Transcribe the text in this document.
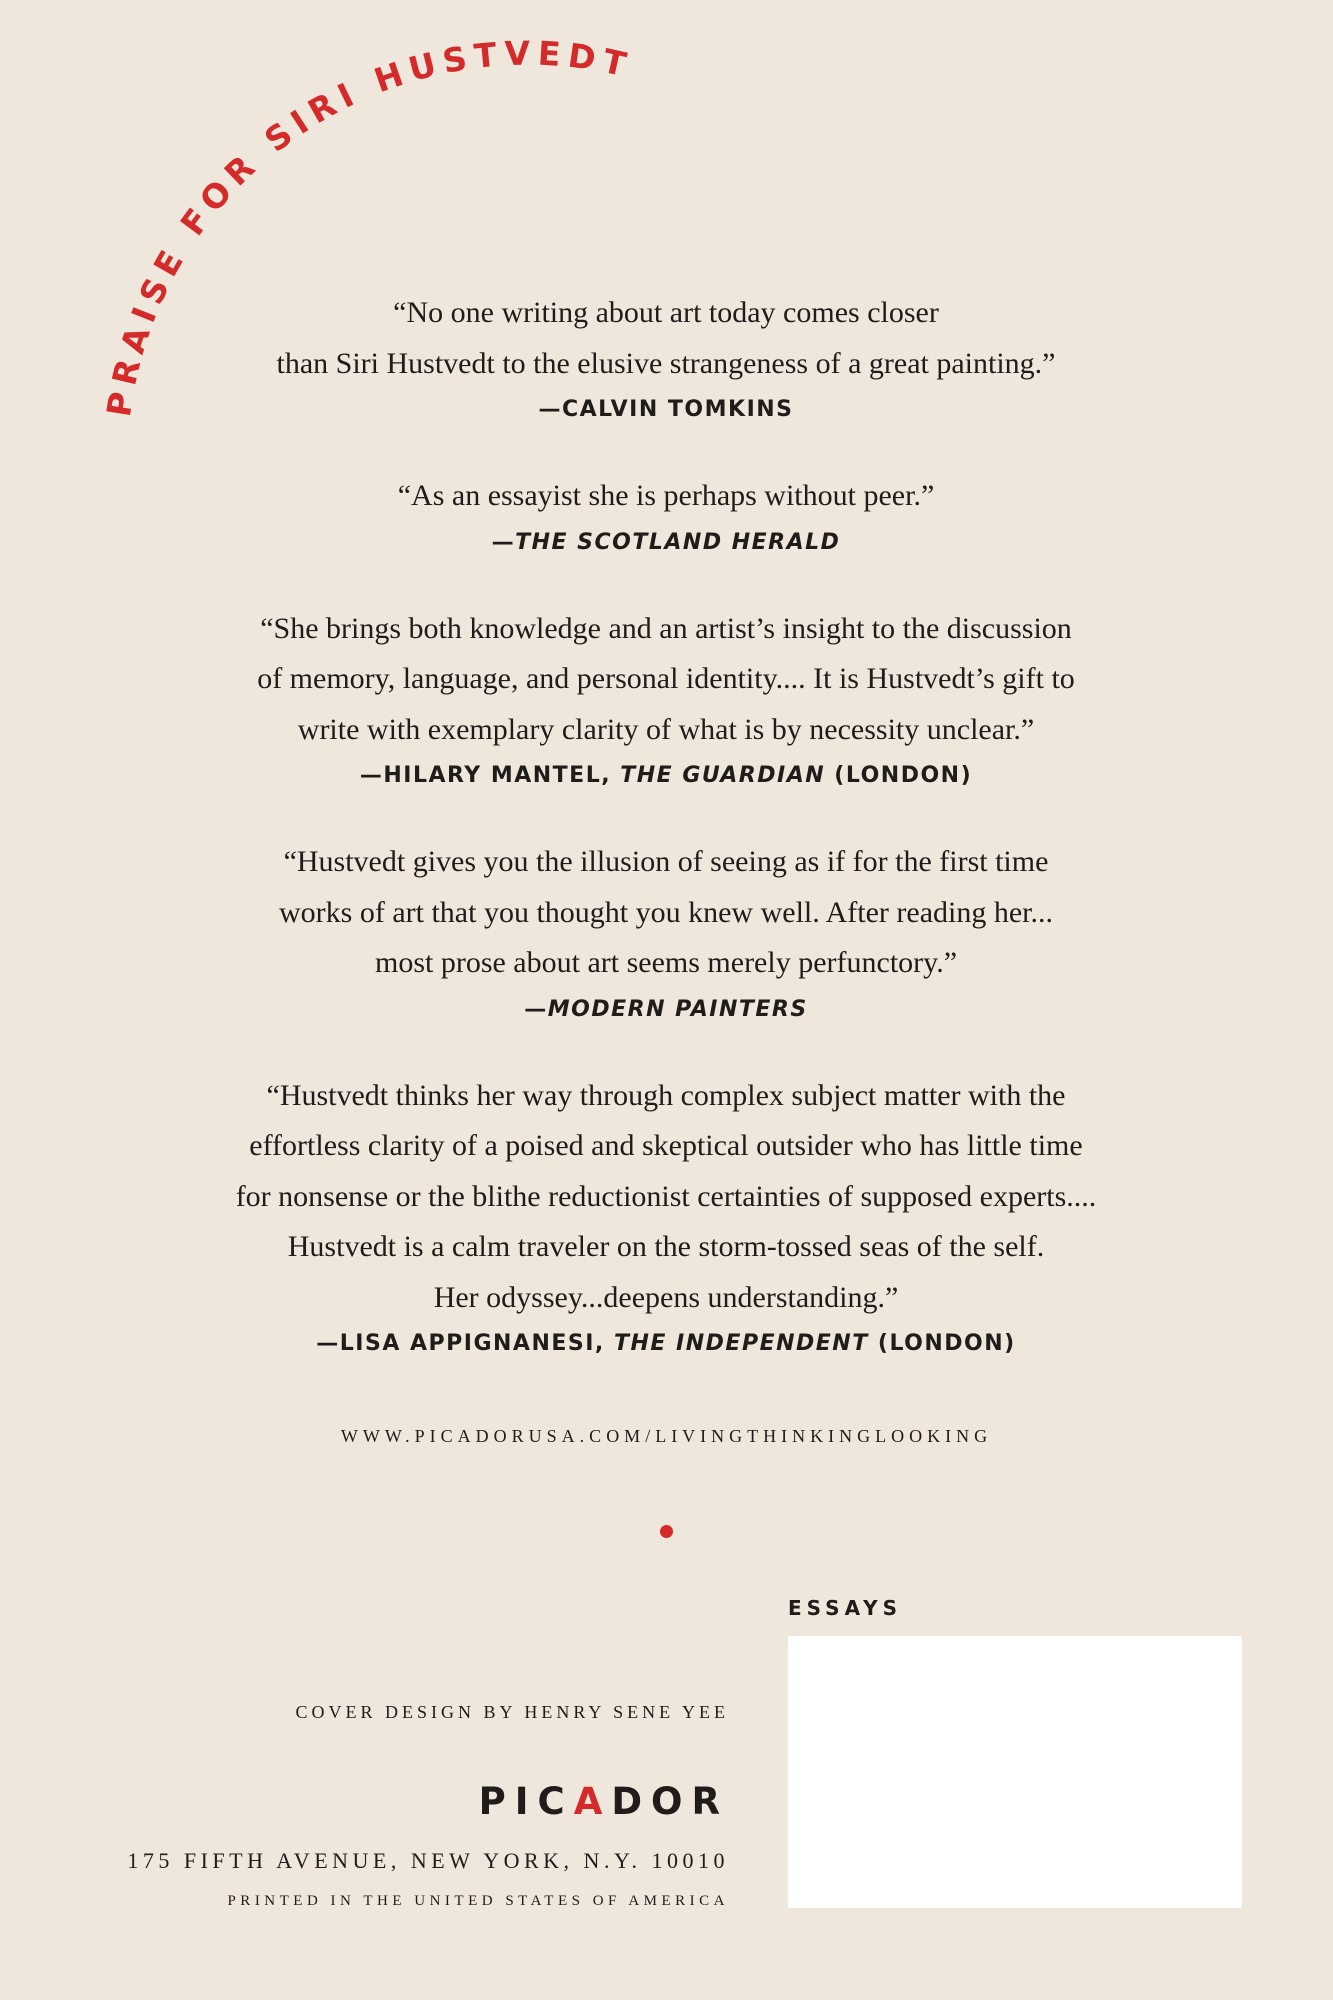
PRAISE FOR SIRI HUSTVEDT

“No one writing about art today comes closer
than Siri Hustvedt to the elusive strangeness of a great painting.”

—CALVIN TOMKINS

“As an essayist she is perhaps without peer.”

—THE SCOTLAND HERALD

“She brings both knowledge and an artist’s insight to the discussion
of memory, language, and personal identity.... It is Hustvedt’s gift to
write with exemplary clarity of what is by necessity unclear.”

—HILARY MANTEL, THE GUARDIAN (LONDON)

“Hustvedt gives you the illusion of seeing as if for the first time
works of art that you thought you knew well. After reading her...
most prose about art seems merely perfunctory.”

—MODERN PAINTERS

“Hustvedt thinks her way through complex subject matter with the
effortless clarity of a poised and skeptical outsider who has little time
for nonsense or the blithe reductionist certainties of supposed experts....
Hustvedt is a calm traveler on the storm-tossed seas of the self.
Her odyssey...deepens understanding.”

—LISA APPIGNANESI, THE INDEPENDENT (LONDON)
WWW.PICADORUSA.COM/LIVINGTHINKINGLOOKING
ESSAYS
COVER DESIGN BY HENRY SENE YEE
PICADOR
175 FIFTH AVENUE, NEW YORK, N.Y. 10010
PRINTED IN THE UNITED STATES OF AMERICA
